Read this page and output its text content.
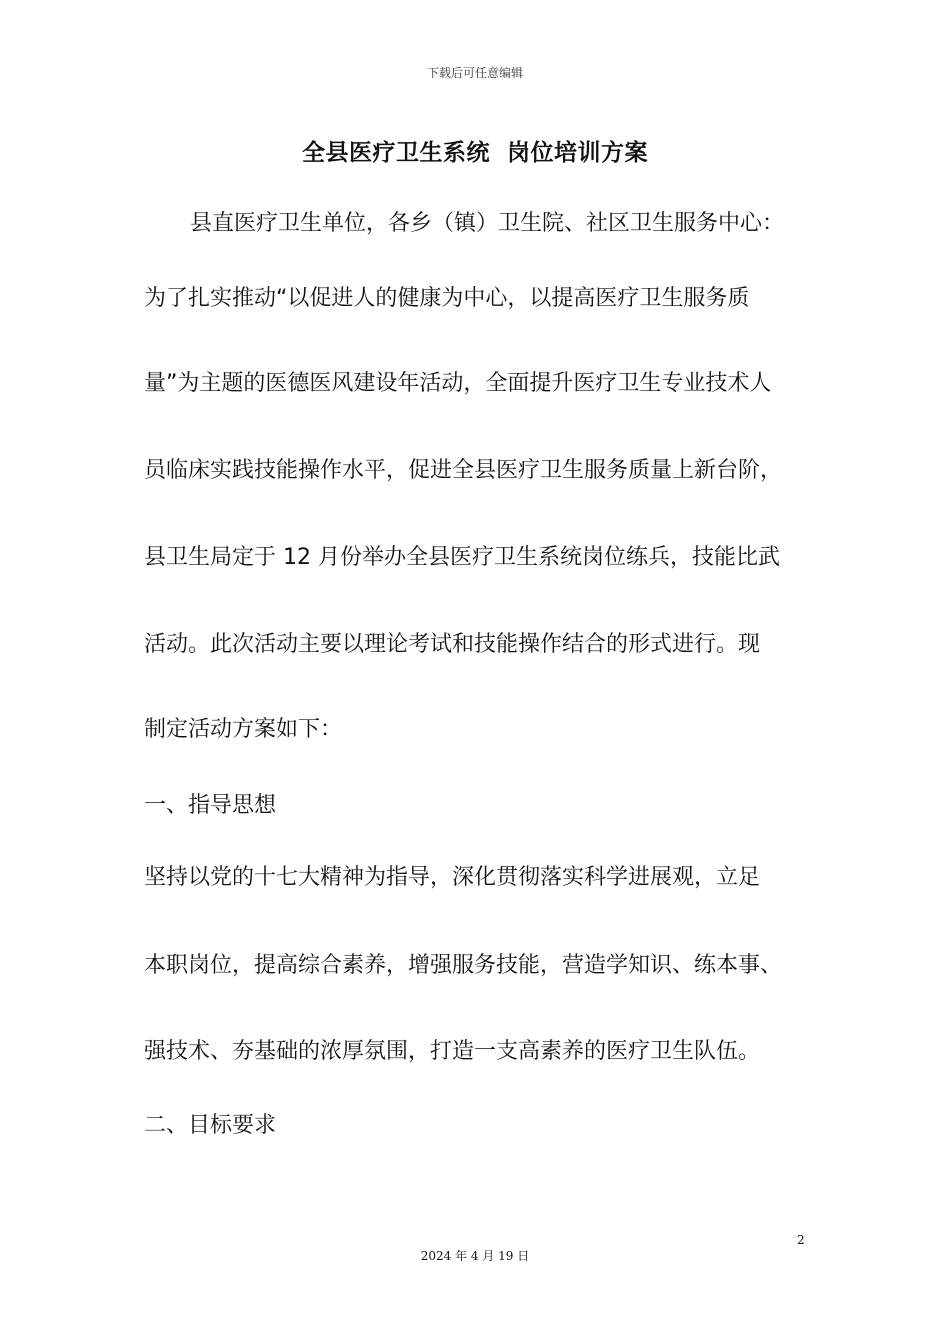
下载后可任意编辑
全县医疗卫生系统  岗位培训方案
县直医疗卫生单位，各乡（镇）卫生院、社区卫生服务中心：
为了扎实推动“以促进人的健康为中心，以提高医疗卫生服务质
量”为主题的医德医风建设年活动，全面提升医疗卫生专业技术人
员临床实践技能操作水平，促进全县医疗卫生服务质量上新台阶，
县卫生局定于 12 月份举办全县医疗卫生系统岗位练兵，技能比武
活动。此次活动主要以理论考试和技能操作结合的形式进行。现
制定活动方案如下：
一、指导思想
坚持以党的十七大精神为指导，深化贯彻落实科学进展观，立足
本职岗位，提高综合素养，增强服务技能，营造学知识、练本事、
强技术、夯基础的浓厚氛围，打造一支高素养的医疗卫生队伍。
二、目标要求
2
2024 年 4 月 19 日
